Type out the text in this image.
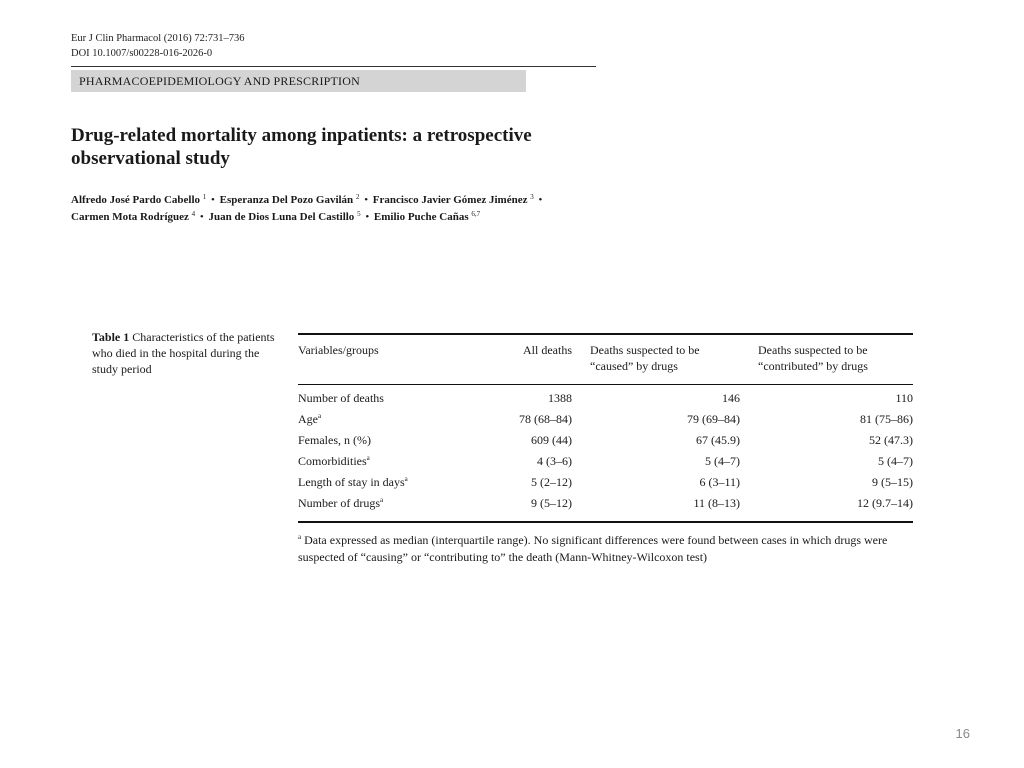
Eur J Clin Pharmacol (2016) 72:731–736
DOI 10.1007/s00228-016-2026-0
PHARMACOEPIDEMIOLOGY AND PRESCRIPTION
Drug-related mortality among inpatients: a retrospective observational study
Alfredo José Pardo Cabello $^1$ • Esperanza Del Pozo Gavilán $^2$ • Francisco Javier Gómez Jiménez $^3$ •
Carmen Mota Rodríguez $^4$ • Juan de Dios Luna Del Castillo $^5$ • Emilio Puche Cañas $^{6,7}$

Table 1 Characteristics of the patients who died in the hospital during the study period

Variables/groups	All deaths	Deaths suspected to be “caused” by drugs	Deaths suspected to be “contributed” by drugs
Number of deaths	1388	146	110
Age$^a$	78 (68–84)	79 (69–84)	81 (75–86)
Females, n (%)	609 (44)	67 (45.9)	52 (47.3)
Comorbidities$^a$	4 (3–6)	5 (4–7)	5 (4–7)
Length of stay in days$^a$	5 (2–12)	6 (3–11)	9 (5–15)
Number of drugs$^a$	9 (5–12)	11 (8–13)	12 (9.7–14)

$^a$ Data expressed as median (interquartile range). No significant differences were found between cases in which drugs were suspected of “causing” or “contributing to” the death (Mann-Whitney-Wilcoxon test)

16
